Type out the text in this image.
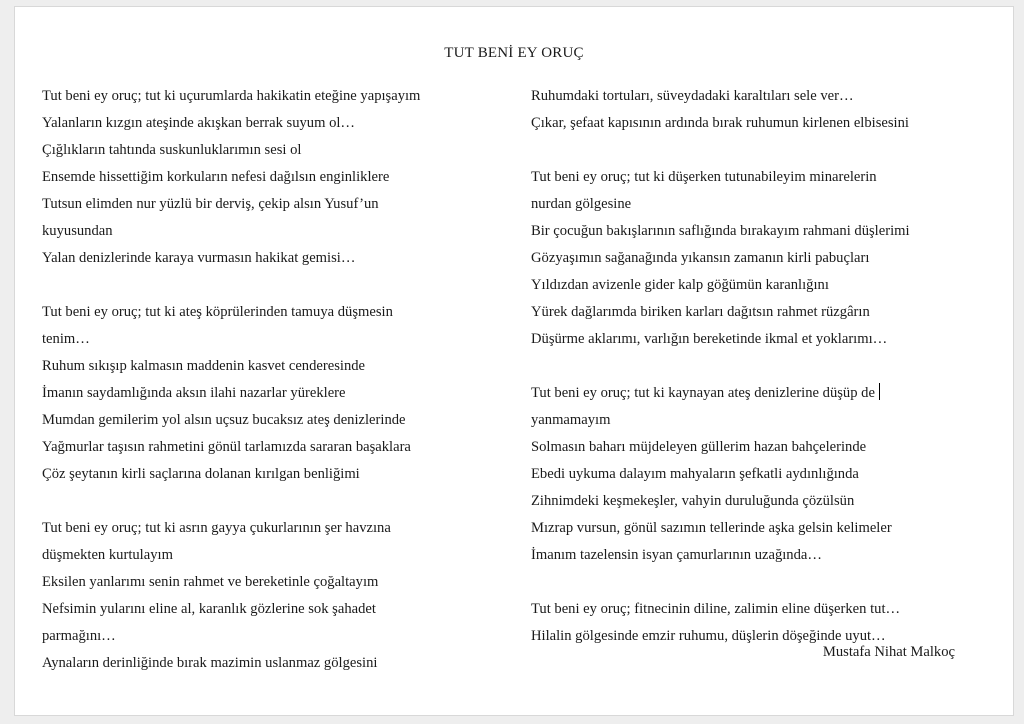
TUT BENİ EY ORUÇ
Tut beni ey oruç; tut ki uçurumlarda hakikatin eteğine yapışayım
Yalanların kızgın ateşinde akışkan berrak suyum ol…
Çığlıkların tahtında suskunluklarımın sesi ol
Ensemde hissettiğim korkuların nefesi dağılsın enginliklere
Tutsun elimden nur yüzlü bir derviş, çekip alsın Yusuf’un
kuyusundan
Yalan denizlerinde karaya vurmasın hakikat gemisi…
Tut beni ey oruç; tut ki ateş köprülerinden tamuya düşmesin
tenim…
Ruhum sıkışıp kalmasın maddenin kasvet cenderesinde
İmanın saydamlığında aksın ilahi nazarlar yüreklere
Mumdan gemilerim yol alsın uçsuz bucaksız ateş denizlerinde
Yağmurlar taşısın rahmetini gönül tarlamızda sararan başaklara
Çöz şeytanın kirli saçlarına dolanan kırılgan benliğimi
Tut beni ey oruç; tut ki asrın gayya çukurlarının şer havzına
düşmekten kurtulayım
Eksilen yanlarımı senin rahmet ve bereketinle çoğaltayım
Nefsimin yularını eline al, karanlık gözlerine sok şahadet
parmağını…
Aynaların derinliğinde bırak mazimin uslanmaz gölgesini
Ruhumdaki tortuları, süveydadaki karaltıları sele ver…
Çıkar, şefaat kapısının ardında bırak ruhumun kirlenen elbisesini
Tut beni ey oruç; tut ki düşerken tutunabileyim minarelerin
nurdan gölgesine
Bir çocuğun bakışlarının saflığında bırakayım rahmani düşlerimi
Gözyaşımın sağanağında yıkansın zamanın kirli pabuçları
Yıldızdan avizenle gider kalp göğümün karanlığını
Yürek dağlarımda biriken karları dağıtsın rahmet rüzgârın
Düşürme aklarımı, varlığın bereketinde ikmal et yoklarımı…
Tut beni ey oruç; tut ki kaynayan ateş denizlerine düşüp de
yanmamayım
Solmasın baharı müjdeleyen güllerim hazan bahçelerinde
Ebedi uykuma dalayım mahyaların şefkatli aydınlığında
Zihnimdeki keşmekeşler, vahyin duruluğunda çözülsün
Mızrap vursun, gönül sazımın tellerinde aşka gelsin kelimeler
İmanım tazelensin isyan çamurlarının uzağında…
Tut beni ey oruç; fitnecinin diline, zalimin eline düşerken tut…
Hilalin gölgesinde emzir ruhumu, düşlerin döşeğinde uyut…
Mustafa Nihat Malkoç
